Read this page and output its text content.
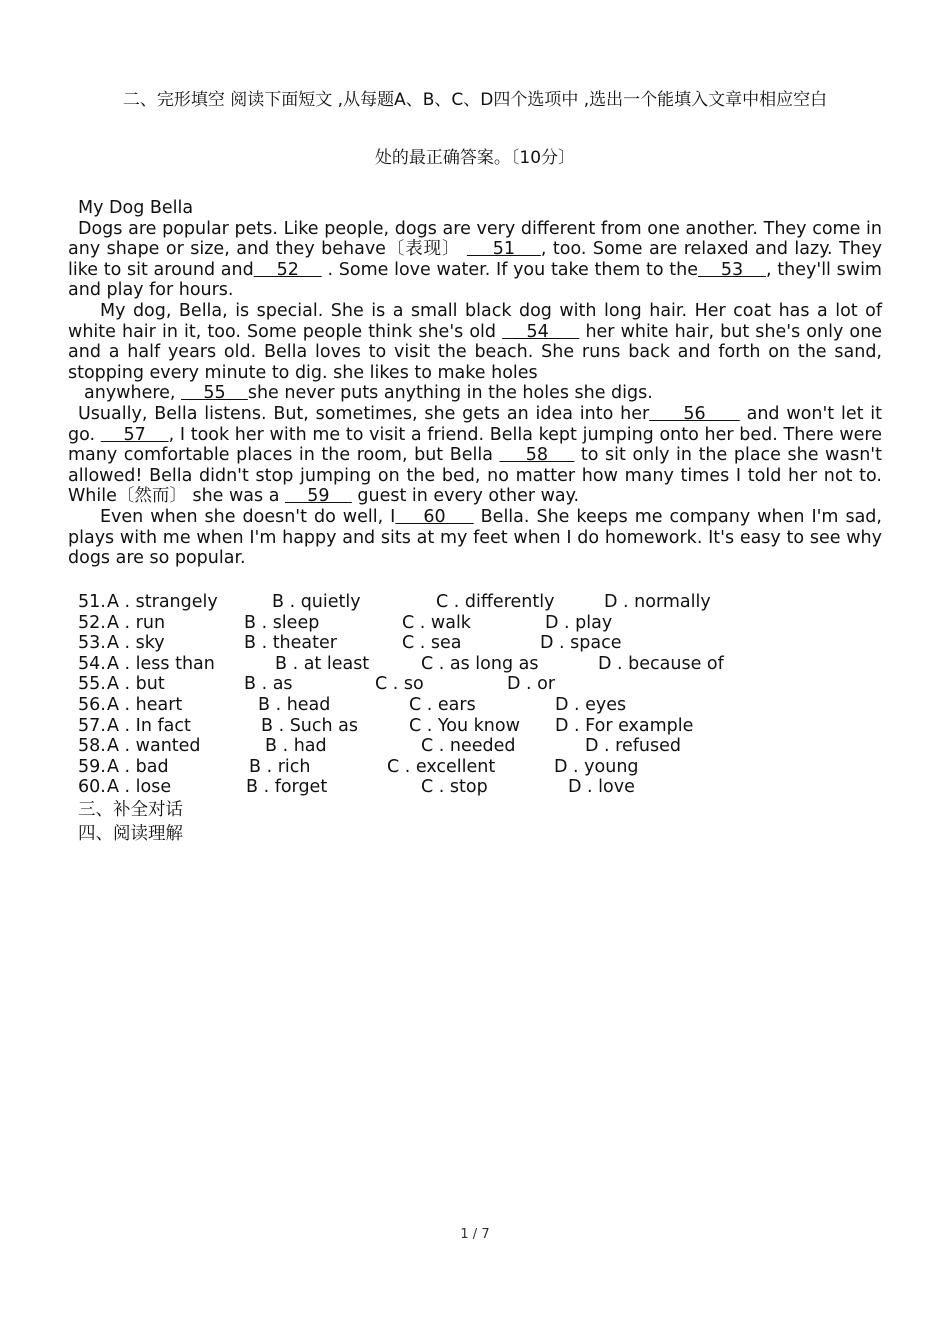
二、完形填空 阅读下面短文 ,从每题A、B、C、D四个选项中 ,选出一个能填入文章中相应空白
处的最正确答案。〔10分〕

My Dog Bella

Dogs are popular pets. Like people, dogs are very different from one another. They come in any shape or size, and they behave〔表现〕     51    , too. Some are relaxed and lazy. They like to sit around and    52     . Some love water. If you take them to the    53    , they'll swim and play for hours.

My dog, Bella, is special. She is a small black dog with long hair. Her coat has a lot of white hair in it, too. Some people think she's old     54      her white hair, but she's only one and a half years old. Bella loves to visit the beach. She runs back and forth on the sand, stopping every minute to dig. she likes to make holes

anywhere,     55    she never puts anything in the holes she digs.

Usually, Bella listens. But, sometimes, she gets an idea into her     56      and won't let it go.     57    , I took her with me to visit a friend. Bella kept jumping onto her bed. There were many comfortable places in the room, but Bella     58     to sit only in the place she wasn't allowed! Bella didn't stop jumping on the bed, no matter how many times I told her not to. While〔然而〕 she was a     59     guest in every other way.

Even when she doesn't do well, I    60     Bella. She keeps me company when I'm sad, plays with me when I'm happy and sits at my feet when I do homework. It's easy to see why dogs are so popular.

51. A . strangely	B . quietly	C . differently	D . normally
52. A . run	B . sleep	C . walk	D . play
53. A . sky	B . theater	C . sea	D . space
54. A . less than	B . at least	C . as long as	D . because of
55. A . but	B . as	C . so	D . or
56. A . heart	B . head	C . ears	D . eyes
57. A . In fact	B . Such as	C . You know D . For example
58. A . wanted	B . had	C . needed	D . refused
59. A . bad	B . rich	C . excellent	D . young
60. A . lose	B . forget	C . stop	D . love
三、补全对话
四、阅读理解
1 / 7
